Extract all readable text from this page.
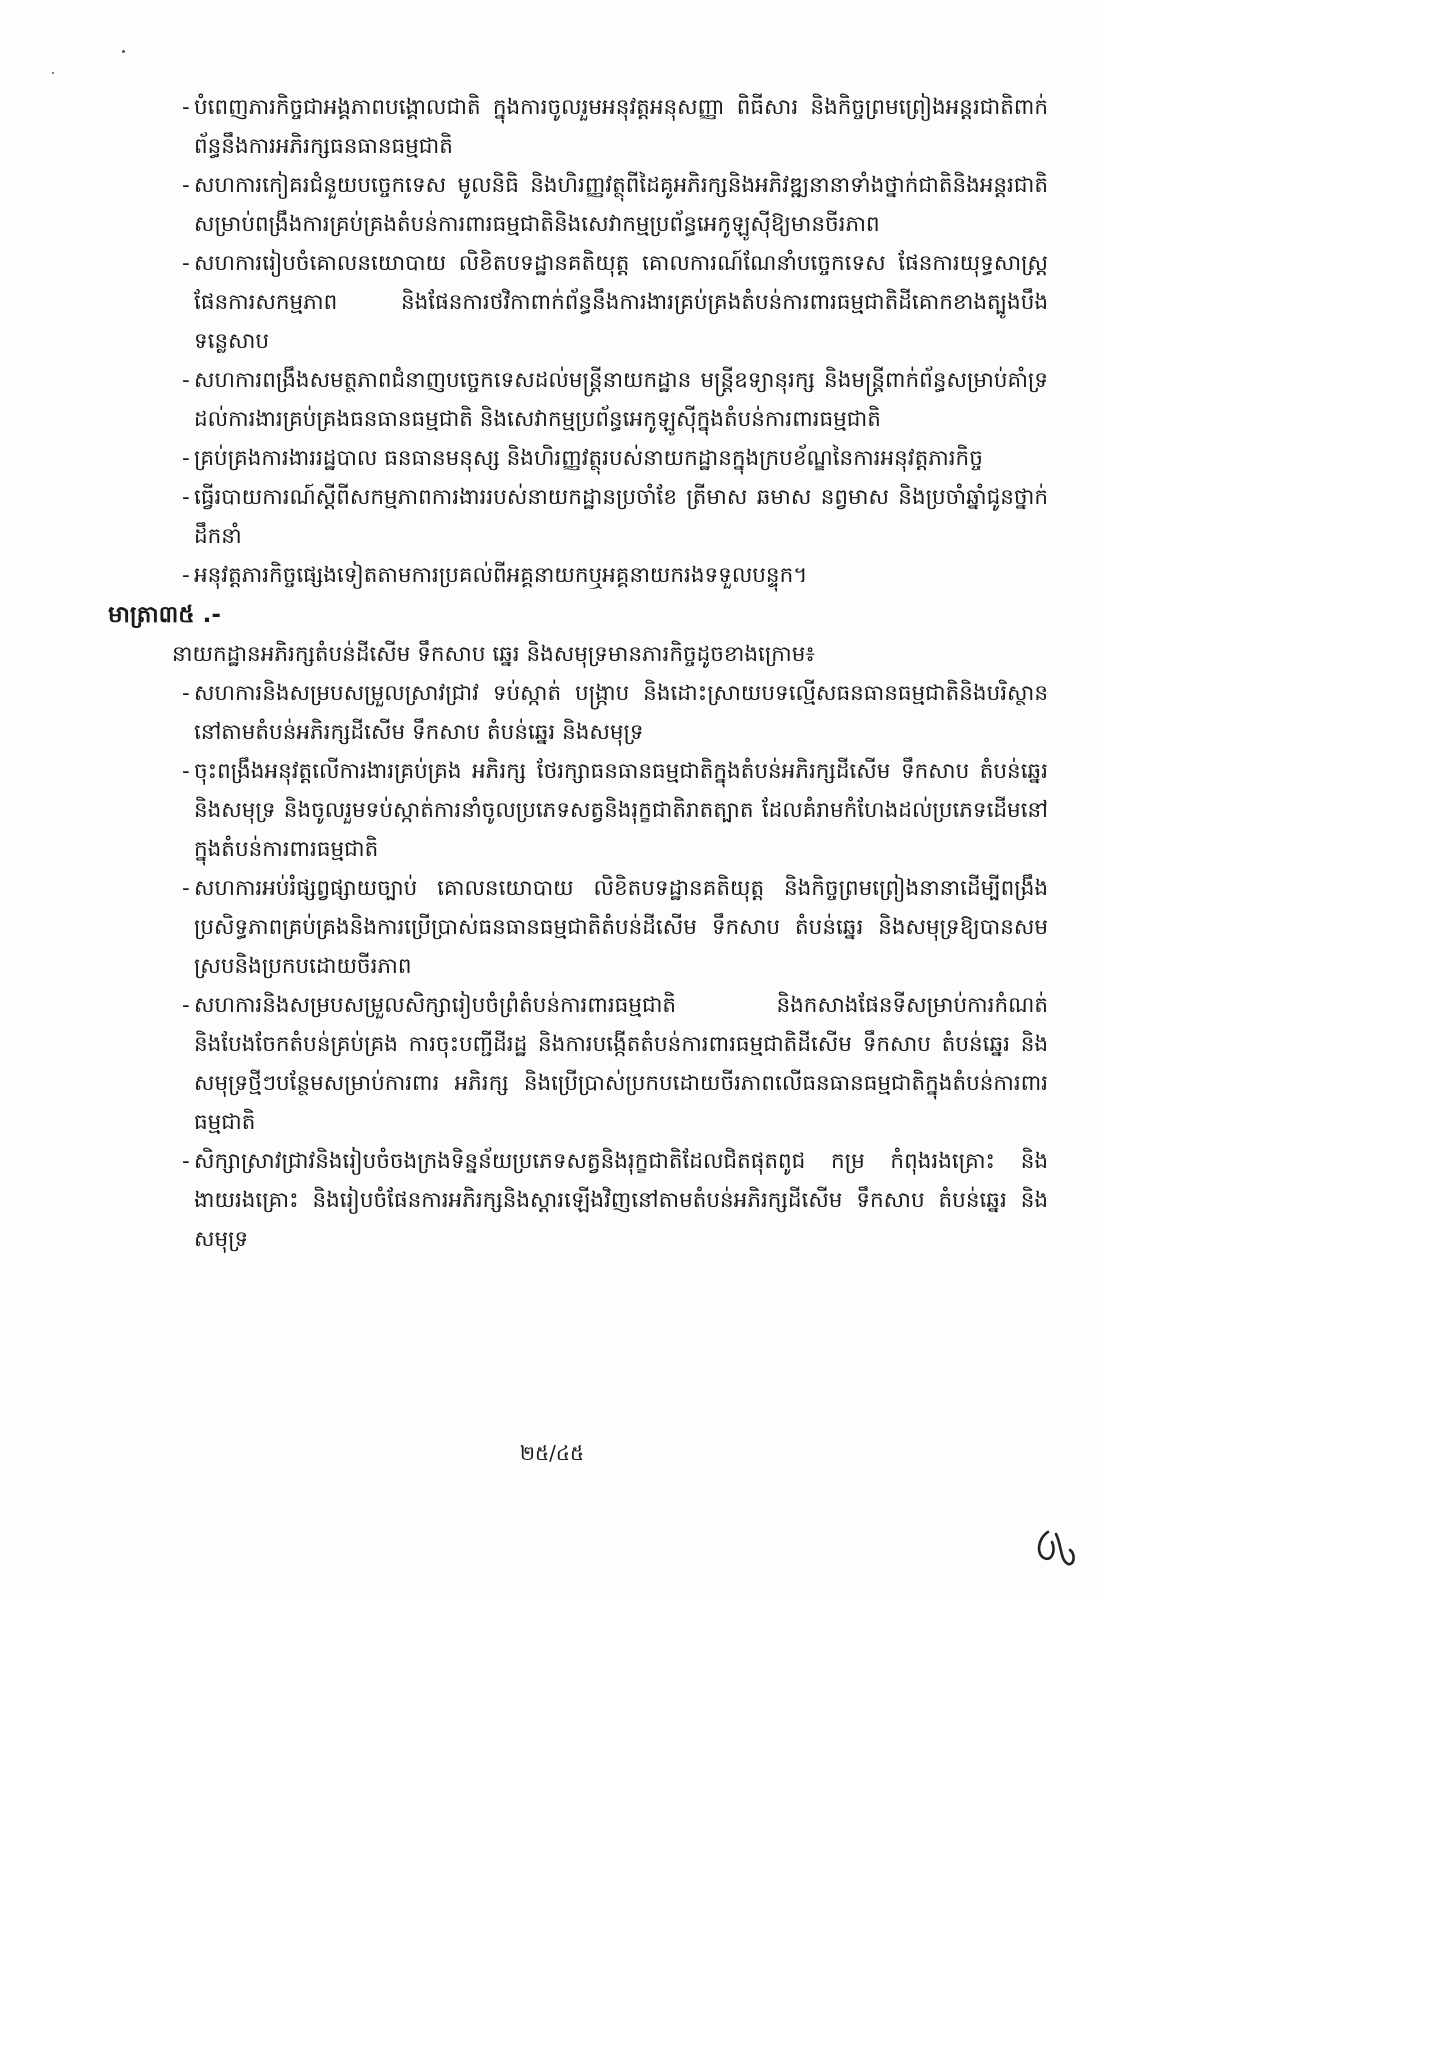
- បំពេញភារកិច្ចជាអង្គភាពបង្គោលជាតិ ក្នុងការចូលរួមអនុវត្តអនុសញ្ញា ពិធីសារ និងកិច្ចព្រមព្រៀងអន្តរជាតិពាក់ព័ន្ធនឹងការអភិរក្សធនធានធម្មជាតិ

- សហការកៀគរជំនួយបច្ចេកទេស មូលនិធិ និងហិរញ្ញវត្ថុពីដៃគូអភិរក្សនិងអភិវឌ្ឍនានាទាំងថ្នាក់ជាតិនិងអន្តរជាតិ សម្រាប់ពង្រឹងការគ្រប់គ្រងតំបន់ការពារធម្មជាតិនិងសេវាកម្មប្រព័ន្ធអេកូឡូស៊ីឱ្យមានចីរភាព

- សហការរៀបចំគោលនយោបាយ លិខិតបទដ្ឋានគតិយុត្ត គោលការណ៍ណែនាំបច្ចេកទេស ផែនការយុទ្ធសាស្ត្រ ផែនការសកម្មភាព និងផែនការថវិកាពាក់ព័ន្ធនឹងការងារគ្រប់គ្រងតំបន់ការពារធម្មជាតិដីគោកខាងត្បូងបឹងទន្លេសាប

- សហការពង្រឹងសមត្ថភាពជំនាញបច្ចេកទេសដល់មន្ត្រីនាយកដ្ឋាន មន្ត្រីឧទ្យានុរក្ស និងមន្ត្រីពាក់ព័ន្ធសម្រាប់គាំទ្រដល់ការងារគ្រប់គ្រងធនធានធម្មជាតិ និងសេវាកម្មប្រព័ន្ធអេកូឡូស៊ីក្នុងតំបន់ការពារធម្មជាតិ

- គ្រប់គ្រងការងាររដ្ឋបាល ធនធានមនុស្ស និងហិរញ្ញវត្ថុរបស់នាយកដ្ឋានក្នុងក្របខ័ណ្ឌនៃការអនុវត្តភារកិច្ច

- ធ្វើរបាយការណ៍ស្តីពីសកម្មភាពការងាររបស់នាយកដ្ឋានប្រចាំខែ ត្រីមាស ឆមាស នព្វមាស និងប្រចាំឆ្នាំជូនថ្នាក់ដឹកនាំ

- អនុវត្តភារកិច្ចផ្សេងទៀតតាមការប្រគល់ពីអគ្គនាយកឬអគ្គនាយករងទទួលបន្ទុក។

មាត្រា៣៥ .-

នាយកដ្ឋានអភិរក្សតំបន់ដីសើម ទឹកសាប ឆ្នេរ និងសមុទ្រមានភារកិច្ចដូចខាងក្រោម៖

- សហការនិងសម្របសម្រួលស្រាវជ្រាវ ទប់ស្កាត់ បង្ក្រាប និងដោះស្រាយបទល្មើសធនធានធម្មជាតិនិងបរិស្ថាននៅតាមតំបន់អភិរក្សដីសើម ទឹកសាប តំបន់ឆ្នេរ និងសមុទ្រ

- ចុះពង្រឹងអនុវត្តលើការងារគ្រប់គ្រង អភិរក្ស ថែរក្សាធនធានធម្មជាតិក្នុងតំបន់អភិរក្សដីសើម ទឹកសាប តំបន់ឆ្នេរ និងសមុទ្រ និងចូលរួមទប់ស្កាត់ការនាំចូលប្រភេទសត្វនិងរុក្ខជាតិរាតត្បាត ដែលគំរាមកំហែងដល់ប្រភេទដើមនៅក្នុងតំបន់ការពារធម្មជាតិ

- សហការអប់រំផ្សព្វផ្សាយច្បាប់ គោលនយោបាយ លិខិតបទដ្ឋានគតិយុត្ត និងកិច្ចព្រមព្រៀងនានាដើម្បីពង្រឹងប្រសិទ្ធភាពគ្រប់គ្រងនិងការប្រើប្រាស់ធនធានធម្មជាតិតំបន់ដីសើម ទឹកសាប តំបន់ឆ្នេរ និងសមុទ្រឱ្យបានសមស្របនិងប្រកបដោយចីរភាព

- សហការនិងសម្របសម្រួលសិក្សារៀបចំព្រំតំបន់ការពារធម្មជាតិ និងកសាងផែនទីសម្រាប់ការកំណត់និងបែងចែកតំបន់គ្រប់គ្រង ការចុះបញ្ជីដីរដ្ឋ និងការបង្កើតតំបន់ការពារធម្មជាតិដីសើម ទឹកសាប តំបន់ឆ្នេរ និងសមុទ្រថ្មីៗបន្ថែមសម្រាប់ការពារ អភិរក្ស និងប្រើប្រាស់ប្រកបដោយចីរភាពលើធនធានធម្មជាតិក្នុងតំបន់ការពារធម្មជាតិ

- សិក្សាស្រាវជ្រាវនិងរៀបចំចងក្រងទិន្នន័យប្រភេទសត្វនិងរុក្ខជាតិដែលជិតផុតពូជ កម្រ កំពុងរងគ្រោះ និងងាយរងគ្រោះ និងរៀបចំផែនការអភិរក្សនិងស្តារឡើងវិញនៅតាមតំបន់អភិរក្សដីសើម ទឹកសាប តំបន់ឆ្នេរ និងសមុទ្រ

២៥/៤៥
